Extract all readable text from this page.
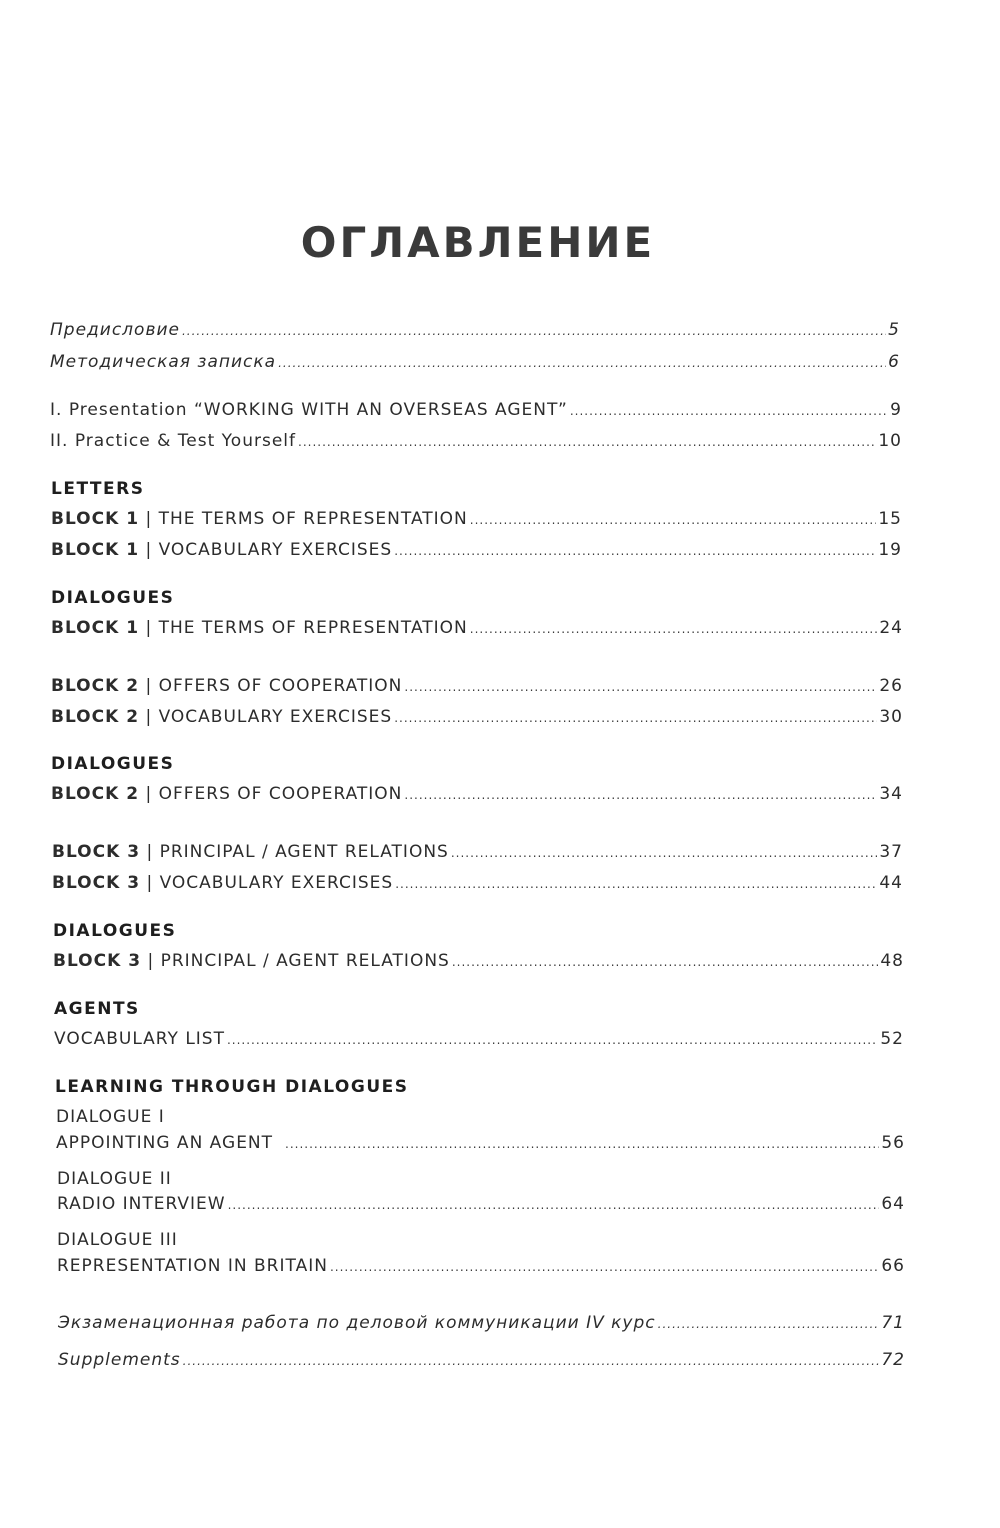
ОГЛАВЛЕНИЕ
Предисловие .....	5
Методическая записка .....	6
I. Presentation “WORKING WITH AN OVERSEAS AGENT” .....	9
II. Practice & Test Yourself .....	10
LETTERS
BLOCK 1 | THE TERMS OF REPRESENTATION .....	15
BLOCK 1 | VOCABULARY EXERCISES .....	19
DIALOGUES
BLOCK 1 | THE TERMS OF REPRESENTATION .....	24
BLOCK 2 | OFFERS OF COOPERATION .....	26
BLOCK 2 | VOCABULARY EXERCISES .....	30
DIALOGUES
BLOCK 2 | OFFERS OF COOPERATION .....	34
BLOCK 3 | PRINCIPAL / AGENT RELATIONS .....	37
BLOCK 3 | VOCABULARY EXERCISES .....	44
DIALOGUES
BLOCK 3 | PRINCIPAL / AGENT RELATIONS .....	48
AGENTS
VOCABULARY LIST .....	52
LEARNING THROUGH DIALOGUES
DIALOGUE I
APPOINTING AN AGENT .....	56
DIALOGUE II
RADIO INTERVIEW .....	64
DIALOGUE III
REPRESENTATION IN BRITAIN .....	66
Экзаменационная работа по деловой коммуникации IV курс .....	71
Supplements .....	72
